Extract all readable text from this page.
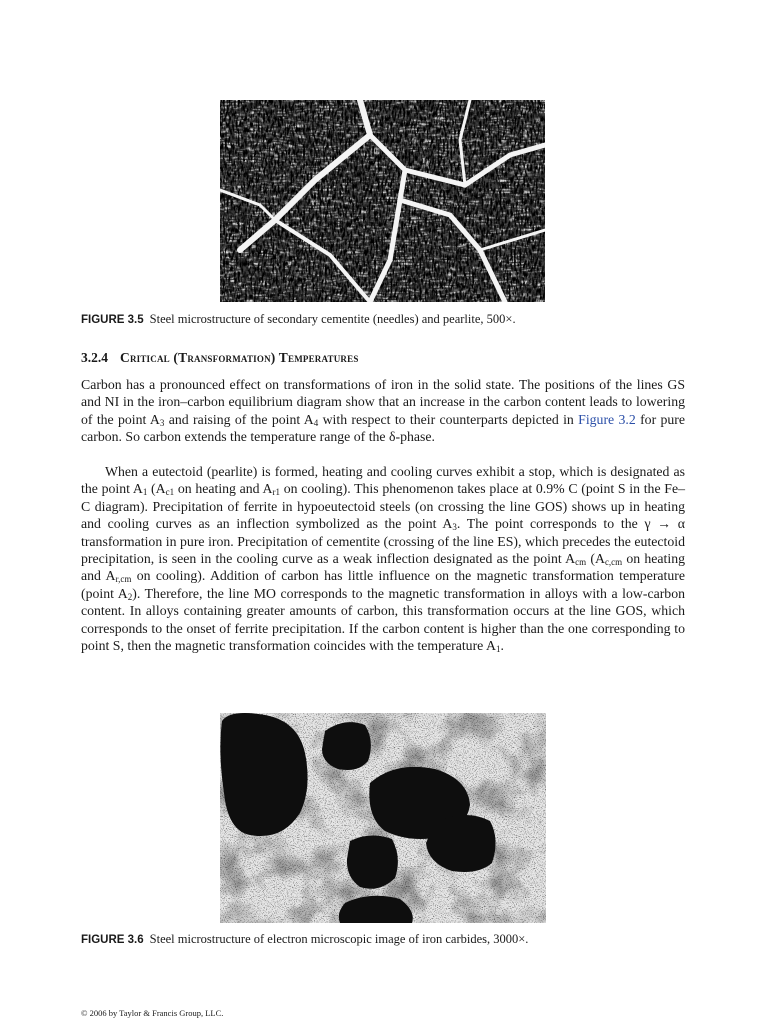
FIGURE 3.5 Steel microstructure of secondary cementite (needles) and pearlite, 500×.
3.2.4 Critical (Transformation) Temperatures

Carbon has a pronounced effect on transformations of iron in the solid state. The positions of the lines GS and NI in the iron–carbon equilibrium diagram show that an increase in the carbon content leads to lowering of the point $A_3$ and raising of the point $A_4$ with respect to their counterparts depicted in Figure 3.2 for pure carbon. So carbon extends the temperature range of the δ-phase.

When a eutectoid (pearlite) is formed, heating and cooling curves exhibit a stop, which is designated as the point $A_1$ ($A_{c1}$ on heating and $A_{r1}$ on cooling). This phenomenon takes place at 0.9% C (point S in the Fe–C diagram). Precipitation of ferrite in hypoeutectoid steels (on crossing the line GOS) shows up in heating and cooling curves as an inflection symbolized as the point $A_3$. The point corresponds to the γ → α transformation in pure iron. Precipitation of cementite (crossing of the line ES), which precedes the eutectoid precipitation, is seen in the cooling curve as a weak inflection designated as the point $A_{cm}$ ($A_{c,cm}$ on heating and $A_{r,cm}$ on cooling). Addition of carbon has little influence on the magnetic transformation temperature (point $A_2$). Therefore, the line MO corresponds to the magnetic transformation in alloys with a low-carbon content. In alloys containing greater amounts of carbon, this transformation occurs at the line GOS, which corresponds to the onset of ferrite precipitation. If the carbon content is higher than the one corresponding to point S, then the magnetic transformation coincides with the temperature $A_1$.

FIGURE 3.6 Steel microstructure of electron microscopic image of iron carbides, 3000×.
© 2006 by Taylor & Francis Group, LLC.
